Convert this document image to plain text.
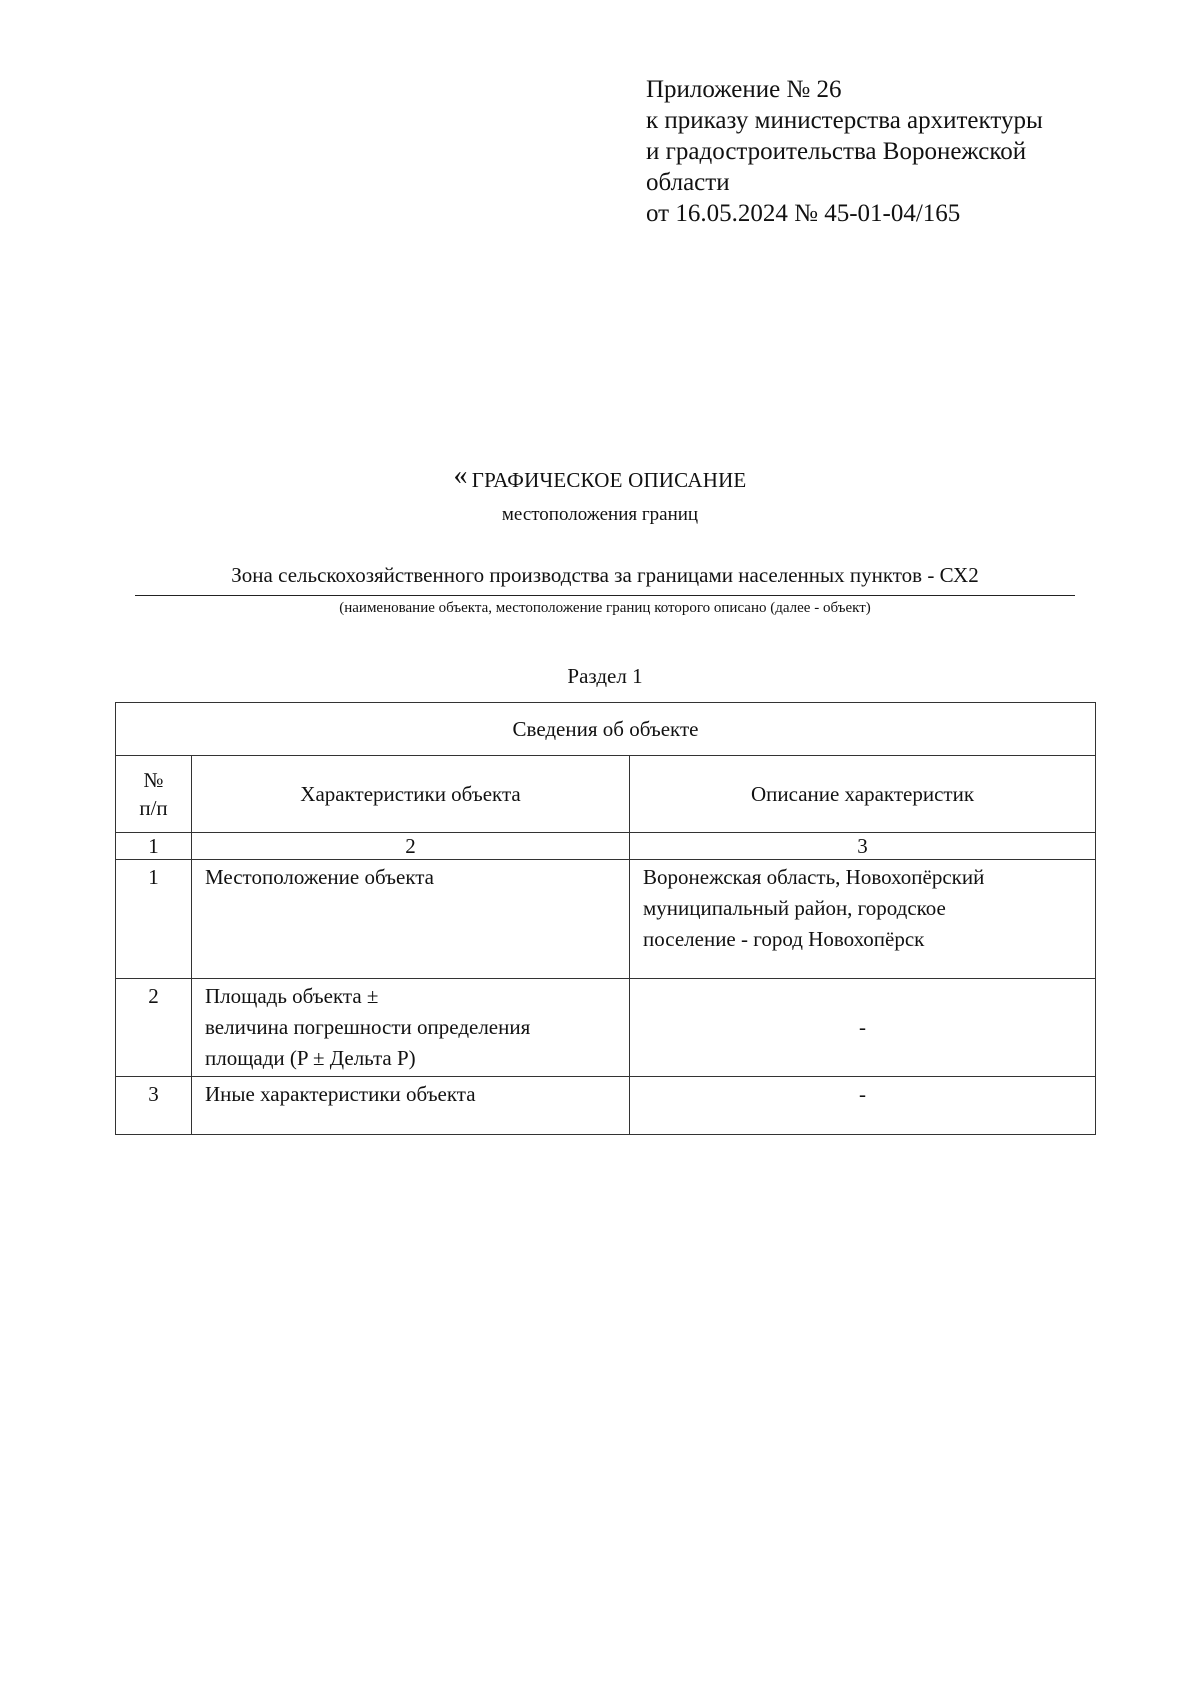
Приложение № 26
к приказу министерства архитектуры
и градостроительства Воронежской
области
от 16.05.2024 № 45-01-04/165
« ГРАФИЧЕСКОЕ ОПИСАНИЕ
местоположения границ
Зона сельскохозяйственного производства за границами населенных пунктов - СХ2
(наименование объекта, местоположение границ которого описано (далее - объект)
Раздел 1
Сведения об объекте		

№
п/п	Характеристики объекта	Описание характеристик
1	2	3
1	Местоположение объекта	Воронежская область, Новохопёрский
муниципальный район, городское
поселение - город Новохопёрск

2	Площадь объекта ±
величина погрешности определения
площади (P ± Дельта P)	-
3	Иные характеристики объекта	-
